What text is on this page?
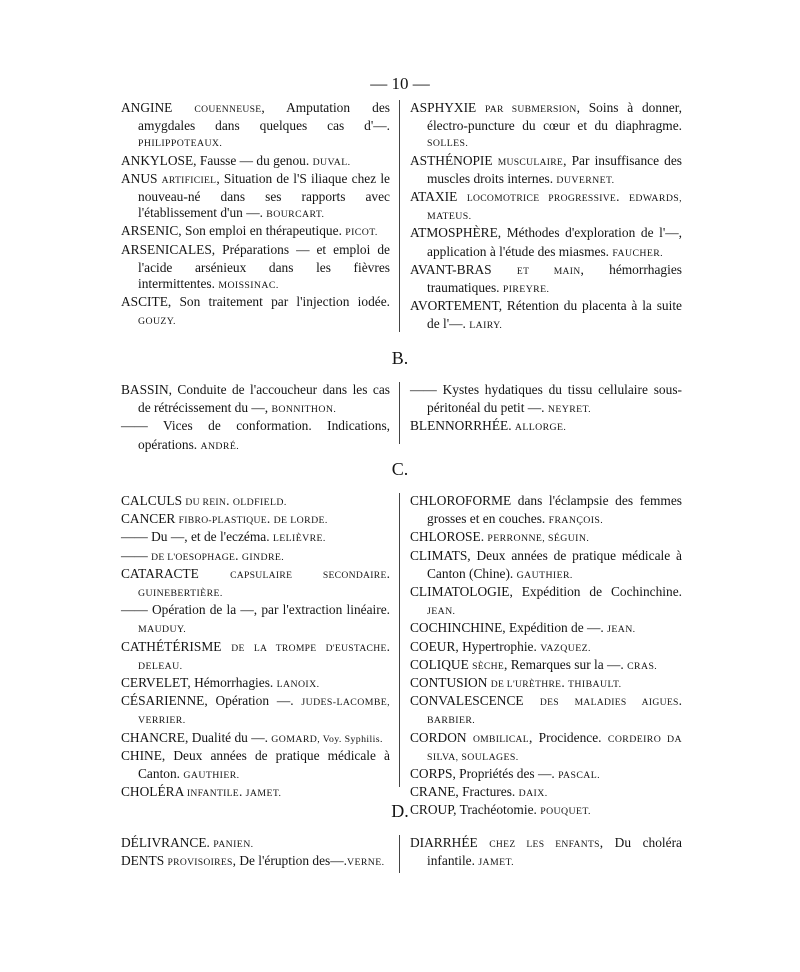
— 10 —

ANGINE COUENNEUSE, Amputation des amygdales dans quelques cas d'—. PHILIPPOTEAUX.

ANKYLOSE, Fausse — du genou. DUVAL.

ANUS ARTIFICIEL, Situation de l'S iliaque chez le nouveau-né dans ses rapports avec l'établissement d'un —. BOURCART.

ARSENIC, Son emploi en thérapeutique. PICOT.

ARSENICALES, Préparations — et emploi de l'acide arsénieux dans les fièvres intermittentes. MOISSINAC.

ASCITE, Son traitement par l'injection iodée. GOUZY.

ASPHYXIE PAR SUBMERSION, Soins à donner, électro-puncture du cœur et du diaphragme. SOLLES.

ASTHÉNOPIE MUSCULAIRE, Par insuffisance des muscles droits internes. DUVERNET.

ATAXIE LOCOMOTRICE PROGRESSIVE. EDWARDS, MATEUS.

ATMOSPHÈRE, Méthodes d'exploration de l'—, application à l'étude des miasmes. FAUCHER.

AVANT-BRAS ET MAIN, hémorrhagies traumatiques. PIREYRE.

AVORTEMENT, Rétention du placenta à la suite de l'—. LAIRY.

B.

BASSIN, Conduite de l'accoucheur dans les cas de rétrécissement du —, BONNITHON.

—— Vices de conformation. Indications, opérations. ANDRÉ.

—— Kystes hydatiques du tissu cellulaire sous-péritonéal du petit —. NEYRET.

BLENNORRHÉE. ALLORGE.

C.

CALCULS DU REIN. OLDFIELD.

CANCER FIBRO-PLASTIQUE. DE LORDE.

—— Du —, et de l'eczéma. LELIÈVRE.

—— DE L'OESOPHAGE. GINDRE.

CATARACTE CAPSULAIRE SECONDAIRE. GUINEBERTIÈRE.

—— Opération de la —, par l'extraction linéaire. MAUDUY.

CATHÉTÉRISME DE LA TROMPE D'EUSTACHE. DELEAU.

CERVELET, Hémorrhagies. LANOIX.

CÉSARIENNE, Opération —. JUDES-LACOMBE, VERRIER.

CHANCRE, Dualité du —. GOMARD, Voy. Syphilis.

CHINE, Deux années de pratique médicale à Canton. GAUTHIER.

CHOLÉRA INFANTILE. JAMET.

CHLOROFORME dans l'éclampsie des femmes grosses et en couches. FRANÇOIS.

CHLOROSE. PERRONNE, SÉGUIN.

CLIMATS, Deux années de pratique médicale à Canton (Chine). GAUTHIER.

CLIMATOLOGIE, Expédition de Cochinchine. JEAN.

COCHINCHINE, Expédition de —. JEAN.

COEUR, Hypertrophie. VAZQUEZ.

COLIQUE SÈCHE, Remarques sur la —. CRAS.

CONTUSION DE L'URÈTHRE. THIBAULT.

CONVALESCENCE DES MALADIES AIGUES. BARBIER.

CORDON OMBILICAL, Procidence. CORDEIRO DA SILVA, SOULAGES.

CORPS, Propriétés des —. PASCAL.

CRANE, Fractures. DAIX.

CROUP, Trachéotomie. POUQUET.

D.

DÉLIVRANCE. PANIEN.

DENTS PROVISOIRES, De l'éruption des—.VERNE.

DIARRHÉE CHEZ LES ENFANTS, Du choléra infantile. JAMET.
